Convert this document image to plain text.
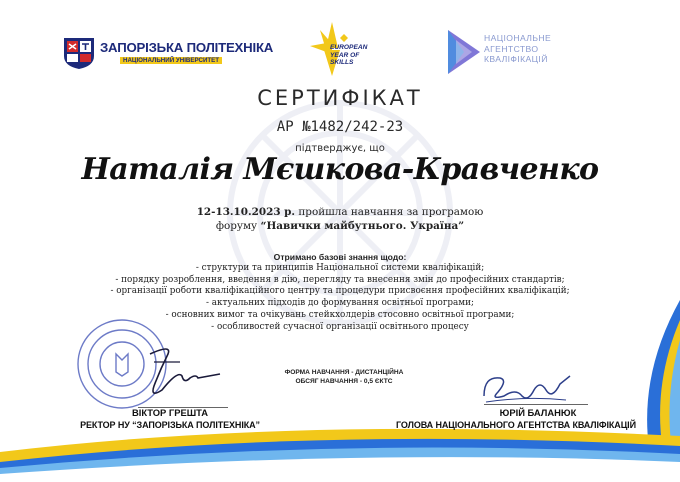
ЗАПОРІЗЬКА ПОЛІТЕХНІКА
НАЦІОНАЛЬНИЙ УНІВЕРСИТЕТ
EUROPEAN
YEAR OF
SKILLS
НАЦІОНАЛЬНЕ
АГЕНТСТВО
КВАЛІФІКАЦІЙ
СЕРТИФІКАТ
АР №1482/242-23
підтверджує, що
Наталія Мєшкова-Кравченко
12-13.10.2023 р. пройшла навчання за програмою
форуму “Навички майбутнього. Україна”
Отримано базові знання щодо:
- структури та принципів Національної системи кваліфікацій;
- порядку розроблення, введення в дію, перегляду та внесення змін до професійних стандартів;
- організації роботи кваліфікаційного центру та процедури присвоєння професійних кваліфікацій;
- актуальних підходів до формування освітньої програми;
- основних вимог та очікувань стейкхолдерів стосовно освітньої програми;
- особливостей сучасної організації освітнього процесу
ФОРМА НАВЧАННЯ - ДИСТАНЦІЙНА
ОБСЯГ НАВЧАННЯ - 0,5 ЄКТС
ВІКТОР ГРЕШТА
РЕКТОР НУ “ЗАПОРІЗЬКА ПОЛІТЕХНІКА”
ЮРІЙ БАЛАНЮК
ГОЛОВА НАЦІОНАЛЬНОГО АГЕНТСТВА КВАЛІФІКАЦІЙ
